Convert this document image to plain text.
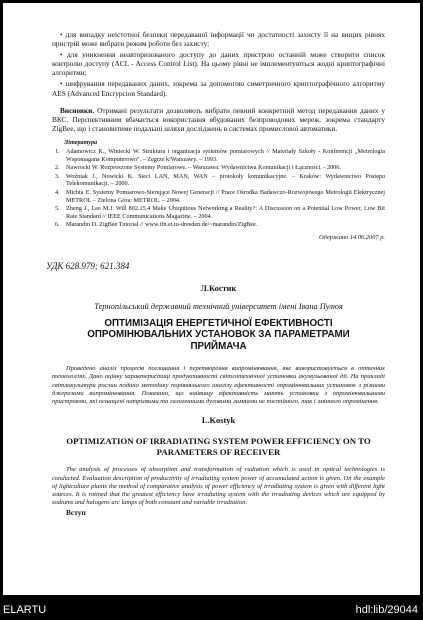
• для випадку неістотної безпеки передаваної інформації чи достатності захисту її на вищих рівнях пристрій може вибрати режим роботи без захисту;

• для уникнення неавторизованого доступу до даних пристрою останній може створити список контролю доступу (ACL - Access Control List). На цьому рівні не імплементуються жодні криптографічні алгоритми;

• шифрування передаваних даних, зокрема за допомогою симетричного криптографічного алгоритму AES (Advanced Encrypcion Standard).

Висновки. Отримані результати дозволяють вибрати певний конкретний метод передавання даних у ВКС. Перспективним вбачається використання вбудованих безпроводових мереж, зокрема стандарту ZigBee, що і становитиме подальші шляхи досліджень в системах промислової автоматики.

Література
1. Adamowicz K., Winiecki W. Struktura i organizacja systemów pomiarowych // Materiały Szkoły - Konferencji „Metrologia Wspomagana Komputerowo". – Zegrze k/Warszawy. – 1993.
2. Nawrocki W. Rozproszone Systemy Pomiarowe. – Warszawa: Wydawnictwa Komunikacji i Łączności. - 2006.
3. Woźniak J., Nowicki K. Sieci LAN, MAN, WAN – protokoły komunikacyjne. – Kraków: Wydawnictwo Postępu Telekomunikacji. – 2000.
4. Michta E. Systemy Pomiarowo-Sterujące Nowej Generacji // Prace Ośrodka Badawczo-Rozwojowego Metrologii Elektrycznej METROL – Zielona Góra: METROL. – 2004.
5. Zheng J., Lee M.J. Will 802.15.4 Make Ubiquitous Networking a Reality?: A Discussion on a Potential Low Power, Low Bit Rate Standard // IEEE Communications Magazine. – 2004.
6. Marandin D. ZigBee Tutorial // www.ifn.et.tu-dresden.de/~marandin/ZigBee.
Одержано 14.06.2007 р.
УДК 628.979; 621.384
Л.Костик
Тернопільський державний технічний університет імені Івана Пулюя
ОПТИМІЗАЦІЯ ЕНЕРГЕТИЧНОЇ ЕФЕКТИВНОСТІ ОПРОМІНЮВАЛЬНИХ УСТАНОВОК ЗА ПАРАМЕТРАМИ ПРИЙМАЧА

Проведено аналіз процесів поглинання і перетворення випромінювання, яке використовується в оптичних технологіях. Дано оцінку характеристиці продуктивності світлотехнічної установки акумульованої дії. На прикладі світлокультури рослин подано методику порівняльного аналізу ефективності опромінювальних установок з різними джерелами випромінювання. Показано, що найвищу ефективність мають установки з опромінювальними пристроями, які оснащені натрієвими та галогенними дуговими лампами не постійного, так і змінного опромінення.

L.Kostyk
OPTIMIZATION OF IRRADIATING SYSTEM POWER EFFICIENCY ON TO PARAMETERS OF RECEIVER

The analysis of processes of absorption and transformation of radiation which is used in optical technologies is conducted. Evaluation description of productivity of irradiating system power of accumulated action is given. On the example of lightculture plants the method of comparative analysis of power efficiency of irradiating system is given with different light sources. It is rotined that the greatest efficiency have irradiating system with the irradiating devices which are equipped by sodiums and halogens arc lamps of both constant and variable irradiation.

Вступ
ELARTU	hdl:lib/29044
